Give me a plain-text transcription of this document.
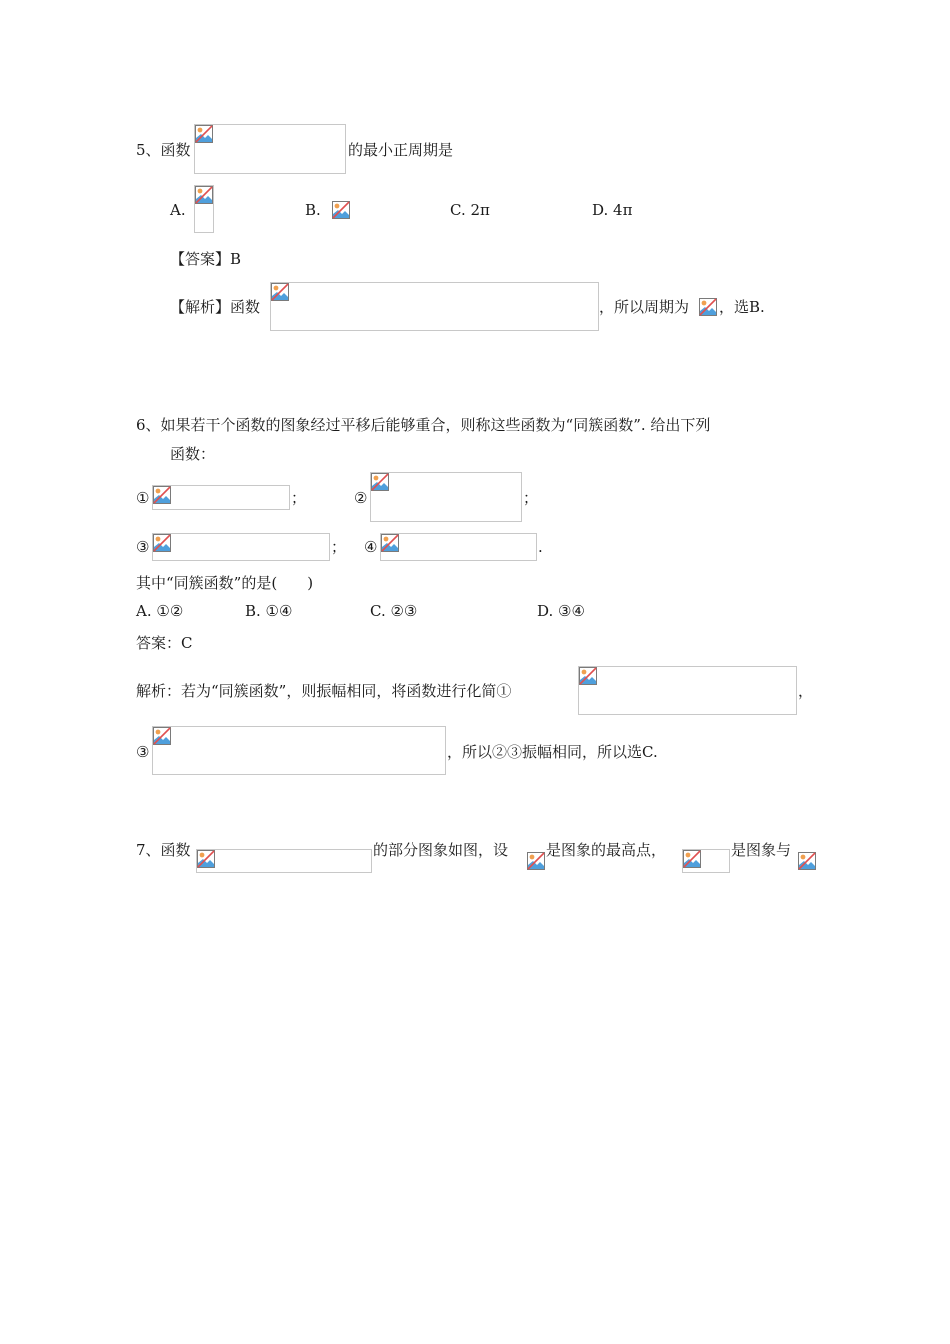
5、函数	的最小正周期是
A.	B.	C. 2π	D. 4π
【答案】B
【解析】函数	，所以周期为 ，选B.
6、如果若干个函数的图象经过平移后能够重合，则称这些函数为“同簇函数”. 给出下列
函数：
①	；	②	；
③	； ④	.
其中“同簇函数”的是(　　)
A. ①②	B. ①④	C. ②③	D. ③④
答案：C
解析：若为“同簇函数”，则振幅相同，将函数进行化简①	，
③	，所以②③振幅相同，所以选C.
7、函数	的部分图象如图，设	是图象的最高点，	是图象与
